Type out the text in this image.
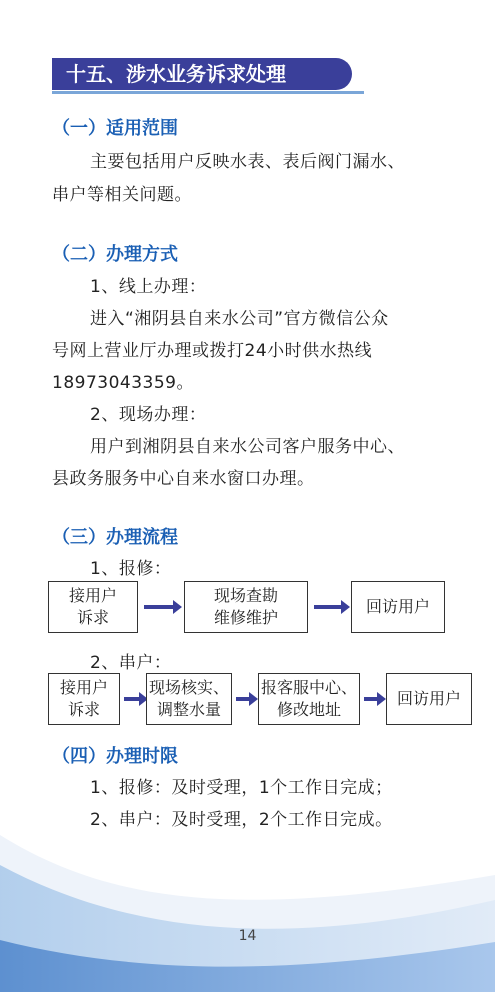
十五、涉水业务诉求处理
（一）适用范围
主要包括用户反映水表、表后阀门漏水、
串户等相关问题。
（二）办理方式
1、线上办理：
进入“湘阴县自来水公司”官方微信公众
号网上营业厅办理或拨打24小时供水热线
18973043359。
2、现场办理：
用户到湘阴县自来水公司客户服务中心、
县政务服务中心自来水窗口办理。
（三）办理流程
1、报修：
接用户
诉求
现场查勘
维修维护
回访用户
2、串户：
接用户
诉求
现场核实、
调整水量
报客服中心、
修改地址
回访用户
（四）办理时限
1、报修：及时受理，1个工作日完成；
2、串户：及时受理，2个工作日完成。
14
